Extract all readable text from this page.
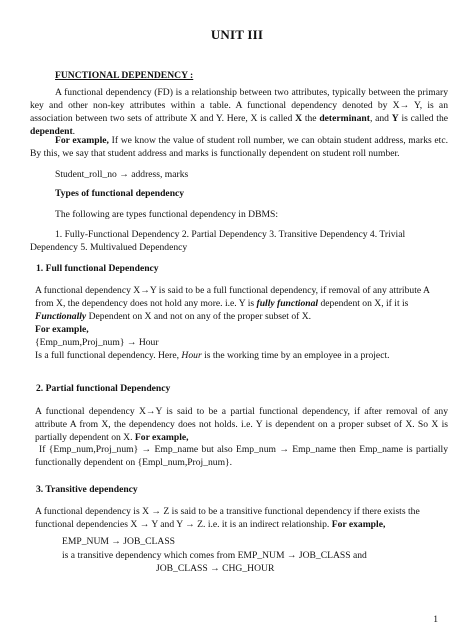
UNIT III
FUNCTIONAL DEPENDENCY :
A functional dependency (FD) is a relationship between two attributes, typically between the primary key and other non-key attributes within a table. A functional dependency denoted by X→ Y, is an association between two sets of attribute X and Y. Here, X is called X the determinant, and Y is called the dependent.
For example, If we know the value of student roll number, we can obtain student address, marks etc. By this, we say that student address and marks is functionally dependent on student roll number.
Student_roll_no → address, marks
Types of functional dependency
The following are types functional dependency in DBMS:
1. Fully-Functional Dependency 2. Partial Dependency 3. Transitive Dependency 4. Trivial Dependency 5. Multivalued Dependency
1. Full functional Dependency
A functional dependency X→Y is said to be a full functional dependency, if removal of any attribute A from X, the dependency does not hold any more. i.e. Y is fully functional dependent on X, if it is Functionally Dependent on X and not on any of the proper subset of X.
For example,
{Emp_num,Proj_num} → Hour
Is a full functional dependency. Here, Hour is the working time by an employee in a project.
2. Partial functional Dependency
A functional dependency X→Y is said to be a partial functional dependency, if after removal of any attribute A from X, the dependency does not holds. i.e. Y is dependent on a proper subset of X. So X is partially dependent on X. For example,
If {Emp_num,Proj_num} → Emp_name but also Emp_num → Emp_name then Emp_name is partially functionally dependent on {Empl_num,Proj_num}.
3. Transitive dependency
A functional dependency is X → Z is said to be a transitive functional dependency if there exists the functional dependencies X → Y and Y → Z. i.e. it is an indirect relationship. For example,
EMP_NUM → JOB_CLASS
is a transitive dependency which comes from EMP_NUM → JOB_CLASS and
JOB_CLASS → CHG_HOUR
1
